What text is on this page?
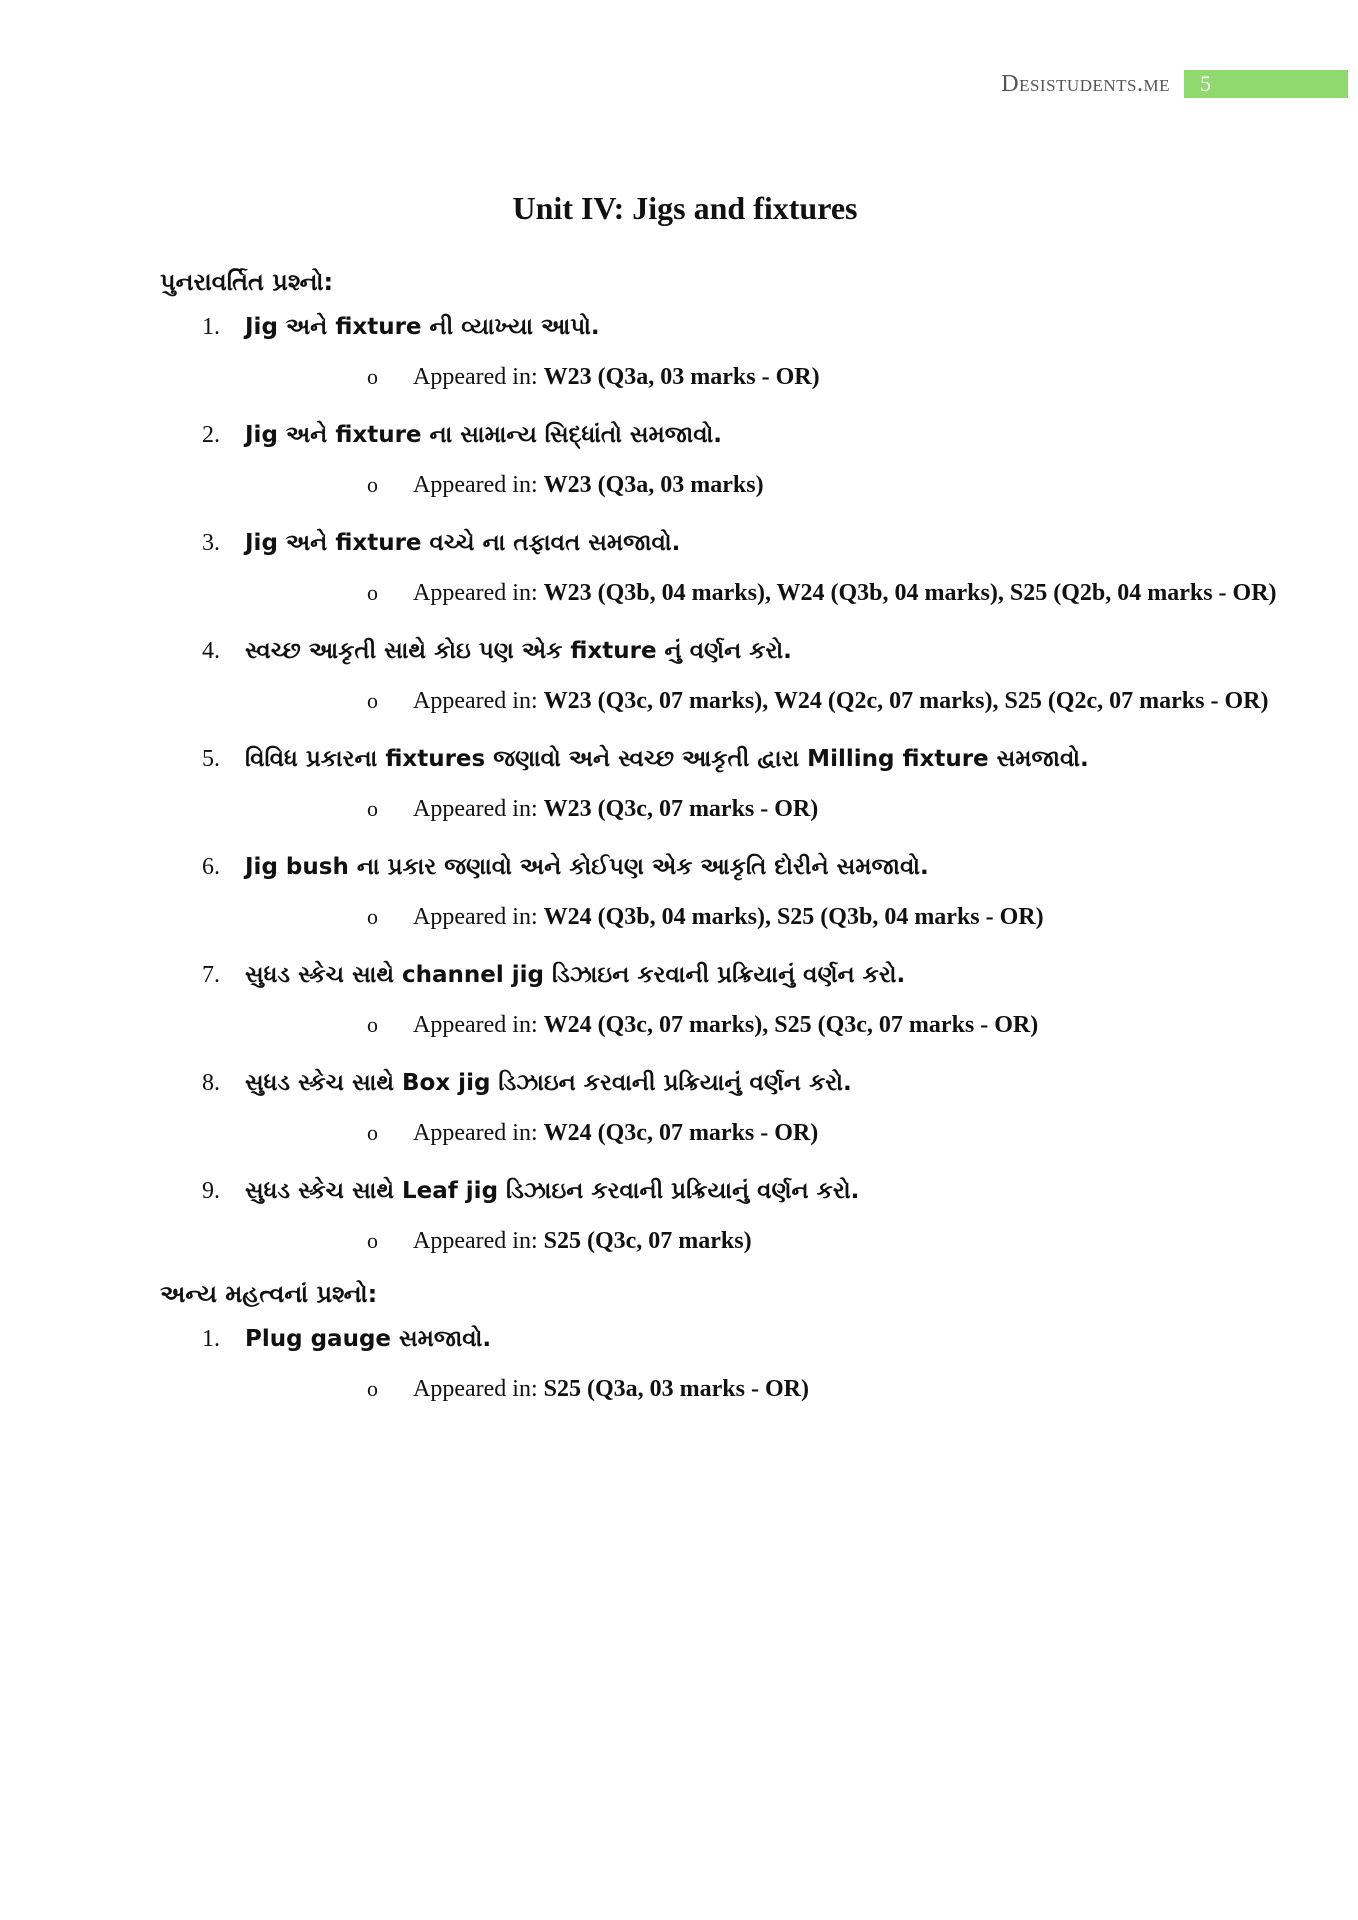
Desistudents.me	5
Unit IV: Jigs and fixtures
પુનરાવર્તિત પ્રશ્નો:
1. Jig અને fixture ની વ્યાખ્યા આપો.
o Appeared in: W23 (Q3a, 03 marks - OR)
2. Jig અને fixture ના સામાન્ય સિદ્ધાંતો સમજાવો.
o Appeared in: W23 (Q3a, 03 marks)
3. Jig અને fixture વચ્ચે ના તફાવત સમજાવો.
o Appeared in: W23 (Q3b, 04 marks), W24 (Q3b, 04 marks), S25 (Q2b, 04 marks - OR)
4. સ્વચ્છ આકૃતી સાથે કોઇ પણ એક fixture નું વર્ણન કરો.
o Appeared in: W23 (Q3c, 07 marks), W24 (Q2c, 07 marks), S25 (Q2c, 07 marks - OR)
5. વિવિધ પ્રકારના fixtures જણાવો અને સ્વચ્છ આકૃતી દ્વારા Milling fixture સમજાવો.
o Appeared in: W23 (Q3c, 07 marks - OR)
6. Jig bush ના પ્રકાર જણાવો અને કોઈપણ એક આકૃતિ દોરીને સમજાવો.
o Appeared in: W24 (Q3b, 04 marks), S25 (Q3b, 04 marks - OR)
7. સુધડ સ્કેચ સાથે channel jig ડિઝાઇન કરવાની પ્રક્રિયાનું વર્ણન કરો.
o Appeared in: W24 (Q3c, 07 marks), S25 (Q3c, 07 marks - OR)
8. સુધડ સ્કેચ સાથે Box jig ડિઝાઇન કરવાની પ્રક્રિયાનું વર્ણન કરો.
o Appeared in: W24 (Q3c, 07 marks - OR)
9. સુધડ સ્કેચ સાથે Leaf jig ડિઝાઇન કરવાની પ્રક્રિયાનું વર્ણન કરો.
o Appeared in: S25 (Q3c, 07 marks)
અન્ય મહત્વનાં પ્રશ્નો:
1. Plug gauge સમજાવો.
o Appeared in: S25 (Q3a, 03 marks - OR)
